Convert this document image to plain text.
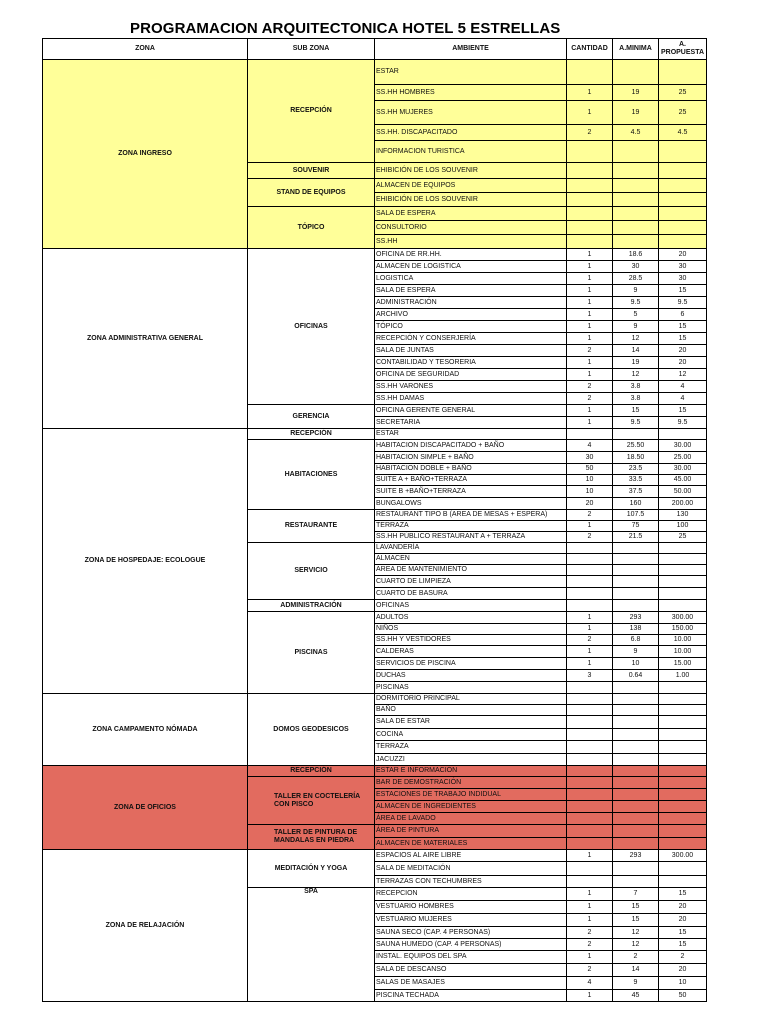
PROGRAMACION ARQUITECTONICA HOTEL 5 ESTRELLAS
ZONA	SUB ZONA	AMBIENTE	CANTIDAD	A.MINIMA	A. PROPUESTA
ZONA INGRESO	RECEPCIÓN	ESTAR			
		SS.HH HOMBRES	1	19	25
		SS.HH MUJERES	1	19	25
		SS.HH. DISCAPACITADO	2	4.5	4.5
		INFORMACION TURISTICA			
	SOUVENIR	EHIBICIÓN DE LOS SOUVENIR			
	STAND DE EQUIPOS	ALMACEN DE EQUIPOS			
		EHIBICIÓN DE LOS SOUVENIR			
	TÓPICO	SALA DE ESPERA			
		CONSULTORIO			
		SS.HH			
ZONA ADMINISTRATIVA GENERAL	OFICINAS	OFICINA DE RR.HH.	1	18.6	20
		ALMACEN DE LOGISTICA	1	30	30
		LOGISTICA	1	28.5	30
		SALA DE ESPERA	1	9	15
		ADMINISTRACIÓN	1	9.5	9.5
		ARCHIVO	1	5	6
		TÓPICO	1	9	15
		RECEPCIÓN Y CONSERJERÍA	1	12	15
		SALA DE JUNTAS	2	14	20
		CONTABILIDAD Y TESORERIA	1	19	20
		OFICINA DE SEGURIDAD	1	12	12
		SS.HH VARONES	2	3.8	4
		SS.HH DAMAS	2	3.8	4
	GERENCIA	OFICINA GERENTE GENERAL	1	15	15
		SECRETARIA	1	9.5	9.5
ZONA DE HOSPEDAJE: ECOLOGUE	RECEPCIÓN	ESTAR			
	HABITACIONES	HABITACION DISCAPACITADO + BAÑO	4	25.50	30.00
		HABITACION SIMPLE + BAÑO	30	18.50	25.00
		HABITACION DOBLE + BAÑO	50	23.5	30.00
		SUITE A + BAÑO+TERRAZA	10	33.5	45.00
		SUITE B +BAÑO+TERRAZA	10	37.5	50.00
		BUNGALOWS	20	160	200.00
	RESTAURANTE	RESTAURANT TIPO B (AREA DE MESAS + ESPERA)	2	107.5	130
		TERRAZA	1	75	100
		SS.HH PÚBLICO RESTAURANT A + TERRAZA	2	21.5	25
	SERVICIO	LAVANDERÍA			
		ALMACEN			
		AREA DE MANTENIMIENTO			
		CUARTO DE LIMPIEZA			
		CUARTO DE BASURA			
	ADMINISTRACIÓN	OFICINAS			
	PISCINAS	ADULTOS	1	293	300.00
		NIÑOS	1	138	150.00
		SS.HH Y VESTIDORES	2	6.8	10.00
		CALDERAS	1	9	10.00
		SERVICIOS DE PISCINA	1	10	15.00
		DUCHAS	3	0.64	1.00
		PISCINAS			
ZONA CAMPAMENTO NÓMADA	DOMOS GEODESICOS	DORMITORIO PRINCIPAL			
		BAÑO			
		SALA DE ESTAR			
		COCINA			
		TERRAZA			
		JACUZZI			
ZONA DE OFICIOS	RECEPCIÓN	ESTAR E INFORMACIÓN			
	TALLER EN COCTELERÍA CON PISCO	BAR DE DEMOSTRACIÓN			
		ESTACIONES DE TRABAJO INDIDUAL			
		ALMACEN DE INGREDIENTES			
		ÁREA DE LAVADO			
	TALLER DE PINTURA DE MANDALAS EN PIEDRA	ÁREA DE PINTURA			
		ALMACEN DE MATERIALES			
ZONA DE RELAJACIÓN	MEDITACIÓN Y YOGA	ESPACIOS AL AIRE LIBRE	1	293	300.00
		SALA DE MEDITACIÓN			
		TERRAZAS CON TECHUMBRES			
	SPA	RECEPCION	1	7	15
		VESTUARIO HOMBRES	1	15	20
		VESTUARIO MUJERES	1	15	20
		SAUNA SECO (CAP. 4 PERSONAS)	2	12	15
		SAUNA HUMEDO (CAP. 4 PERSONAS)	2	12	15
		INSTAL. EQUIPOS DEL SPA	1	2	2
		SALA DE DESCANSO	2	14	20
		SALAS DE MASAJES	4	9	10
		PISCINA TECHADA	1	45	50
